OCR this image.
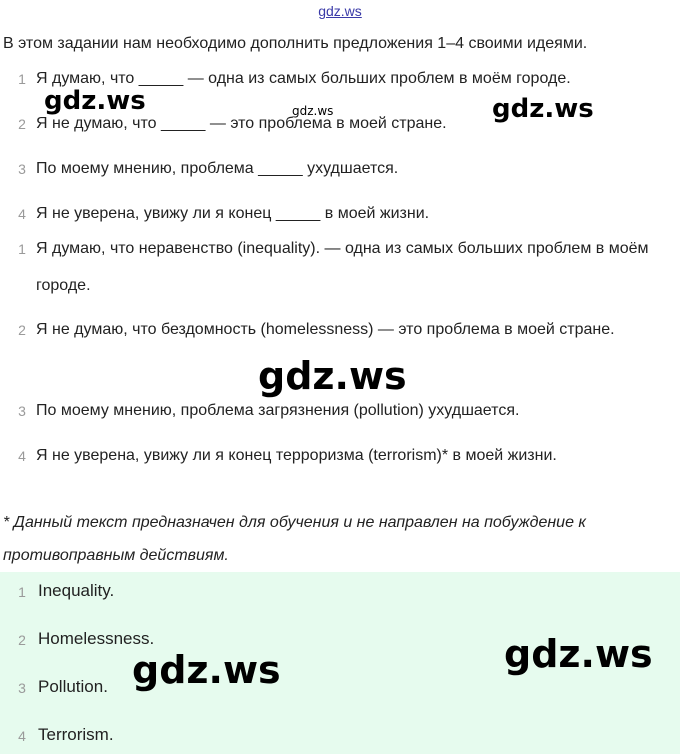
gdz.ws
В этом задании нам необходимо дополнить предложения 1–4 своими идеями.
1 Я думаю, что _____ — одна из самых больших проблем в моём городе.
2 Я не думаю, что _____ — это проблема в моей стране.
3 По моему мнению, проблема _____ ухудшается.
4 Я не уверена, увижу ли я конец _____ в моей жизни.
1 Я думаю, что неравенство (inequality). — одна из самых больших проблем в моём городе.
2 Я не думаю, что бездомность (homelessness) — это проблема в моей стране.
3 По моему мнению, проблема загрязнения (pollution) ухудшается.
4 Я не уверена, увижу ли я конец терроризма (terrorism)* в моей жизни.
* Данный текст предназначен для обучения и не направлен на побуждение к противоправным действиям.
1 Inequality.
2 Homelessness.
3 Pollution.
4 Terrorism.
gdz.ws	gdz.ws	gdz.ws
gdz.ws
gdz.ws
gdz.ws
